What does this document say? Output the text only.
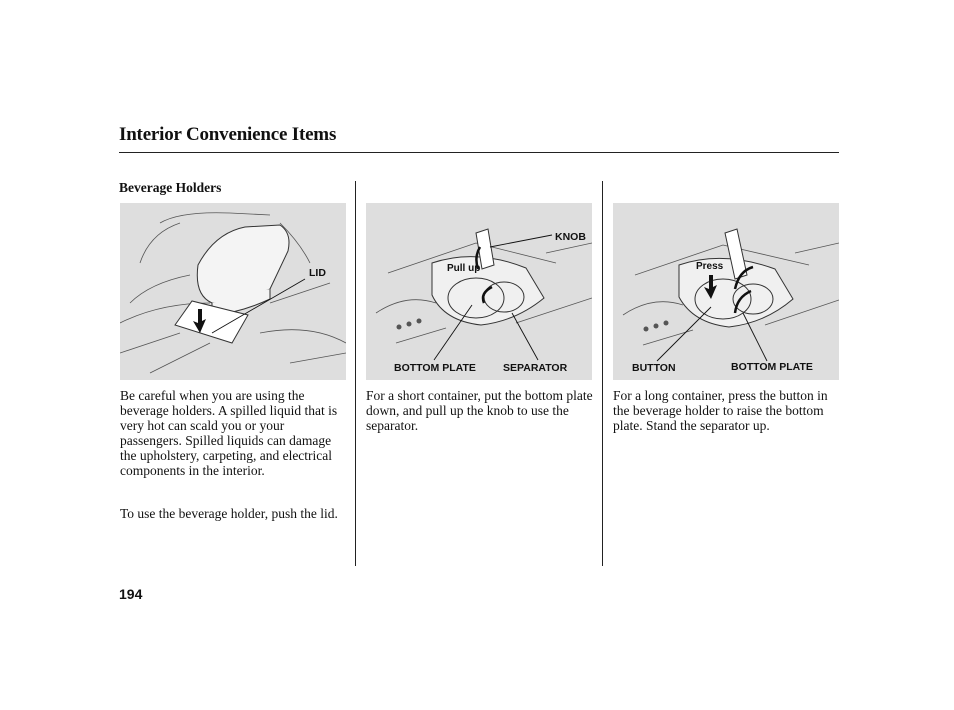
Interior Convenience Items
Beverage Holders
LID
KNOB
Pull up
BOTTOM PLATE	SEPARATOR
Press
BUTTON	BOTTOM PLATE
Be careful when you are using the beverage holders. A spilled liquid that is very hot can scald you or your passengers. Spilled liquids can damage the upholstery, carpeting, and electrical components in the interior.
To use the beverage holder, push the lid.
For a short container, put the bottom plate down, and pull up the knob to use the separator.
For a long container, press the button in the beverage holder to raise the bottom plate. Stand the separator up.
194
